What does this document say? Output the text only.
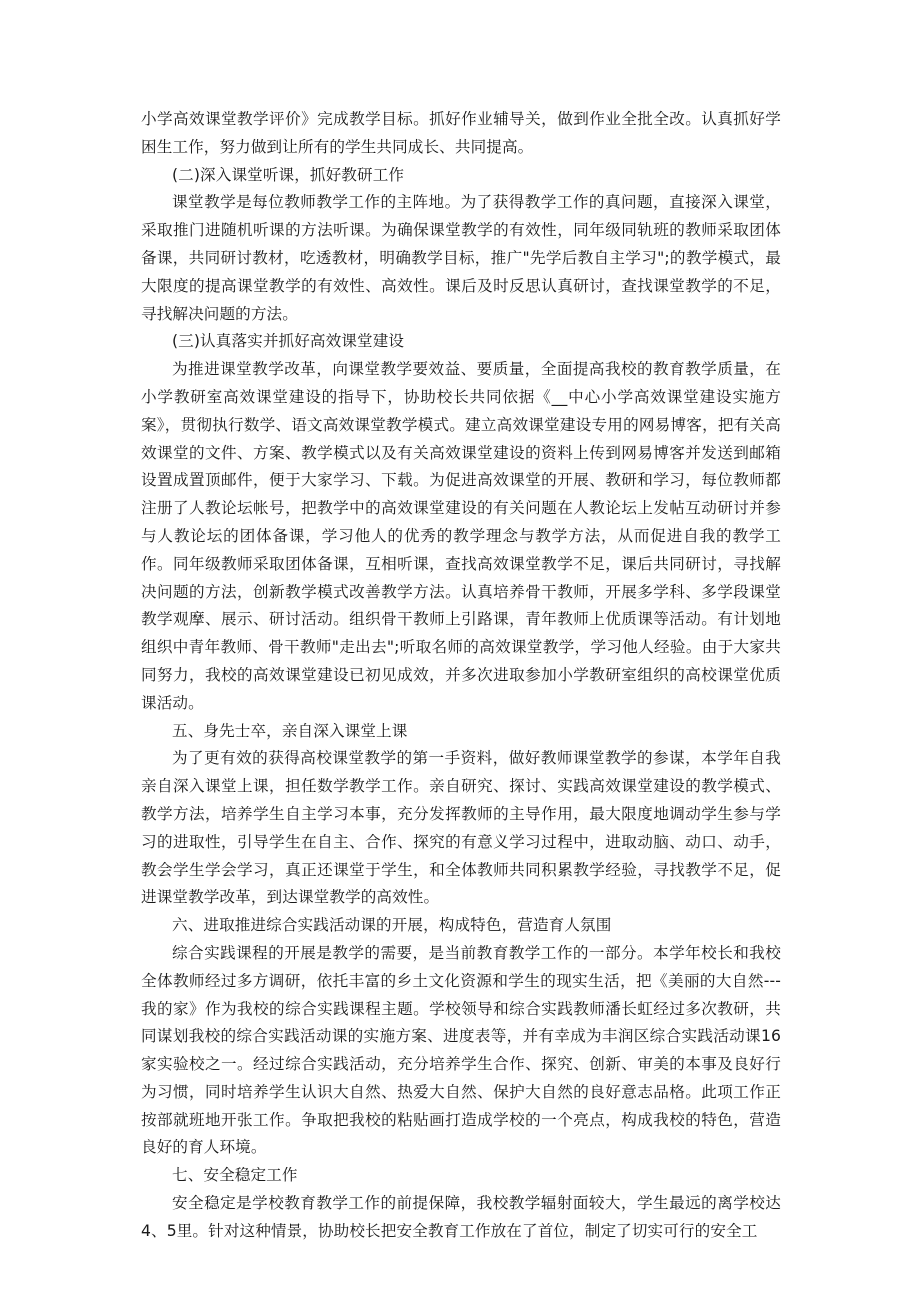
小学高效课堂教学评价》完成教学目标。抓好作业辅导关，做到作业全批全改。认真抓好学困生工作，努力做到让所有的学生共同成长、共同提高。

(二)深入课堂听课，抓好教研工作

课堂教学是每位教师教学工作的主阵地。为了获得教学工作的真问题，直接深入课堂，采取推门进随机听课的方法听课。为确保课堂教学的有效性，同年级同轨班的教师采取团体备课，共同研讨教材，吃透教材，明确教学目标，推广"先学后教自主学习";的教学模式，最大限度的提高课堂教学的有效性、高效性。课后及时反思认真研讨，查找课堂教学的不足，寻找解决问题的方法。

(三)认真落实并抓好高效课堂建设

为推进课堂教学改革，向课堂教学要效益、要质量，全面提高我校的教育教学质量，在小学教研室高效课堂建设的指导下，协助校长共同依据《__中心小学高效课堂建设实施方案》，贯彻执行数学、语文高效课堂教学模式。建立高效课堂建设专用的网易博客，把有关高效课堂的文件、方案、教学模式以及有关高效课堂建设的资料上传到网易博客并发送到邮箱设置成置顶邮件，便于大家学习、下载。为促进高效课堂的开展、教研和学习，每位教师都注册了人教论坛帐号，把教学中的高效课堂建设的有关问题在人教论坛上发帖互动研讨并参与人教论坛的团体备课，学习他人的优秀的教学理念与教学方法，从而促进自我的教学工作。同年级教师采取团体备课，互相听课，查找高效课堂教学不足，课后共同研讨，寻找解决问题的方法，创新教学模式改善教学方法。认真培养骨干教师，开展多学科、多学段课堂教学观摩、展示、研讨活动。组织骨干教师上引路课，青年教师上优质课等活动。有计划地组织中青年教师、骨干教师"走出去";听取名师的高效课堂教学，学习他人经验。由于大家共同努力，我校的高效课堂建设已初见成效，并多次进取参加小学教研室组织的高校课堂优质课活动。

五、身先士卒，亲自深入课堂上课

为了更有效的获得高校课堂教学的第一手资料，做好教师课堂教学的参谋，本学年自我亲自深入课堂上课，担任数学教学工作。亲自研究、探讨、实践高效课堂建设的教学模式、教学方法，培养学生自主学习本事，充分发挥教师的主导作用，最大限度地调动学生参与学习的进取性，引导学生在自主、合作、探究的有意义学习过程中，进取动脑、动口、动手，教会学生学会学习，真正还课堂于学生，和全体教师共同积累教学经验，寻找教学不足，促进课堂教学改革，到达课堂教学的高效性。

六、进取推进综合实践活动课的开展，构成特色，营造育人氛围

综合实践课程的开展是教学的需要，是当前教育教学工作的一部分。本学年校长和我校全体教师经过多方调研，依托丰富的乡土文化资源和学生的现实生活，把《美丽的大自然---我的家》作为我校的综合实践课程主题。学校领导和综合实践教师潘长虹经过多次教研，共同谋划我校的综合实践活动课的实施方案、进度表等，并有幸成为丰润区综合实践活动课16家实验校之一。经过综合实践活动，充分培养学生合作、探究、创新、审美的本事及良好行为习惯，同时培养学生认识大自然、热爱大自然、保护大自然的良好意志品格。此项工作正按部就班地开张工作。争取把我校的粘贴画打造成学校的一个亮点，构成我校的特色，营造良好的育人环境。

七、安全稳定工作

安全稳定是学校教育教学工作的前提保障，我校教学辐射面较大，学生最远的离学校达4、5里。针对这种情景，协助校长把安全教育工作放在了首位，制定了切实可行的安全工
